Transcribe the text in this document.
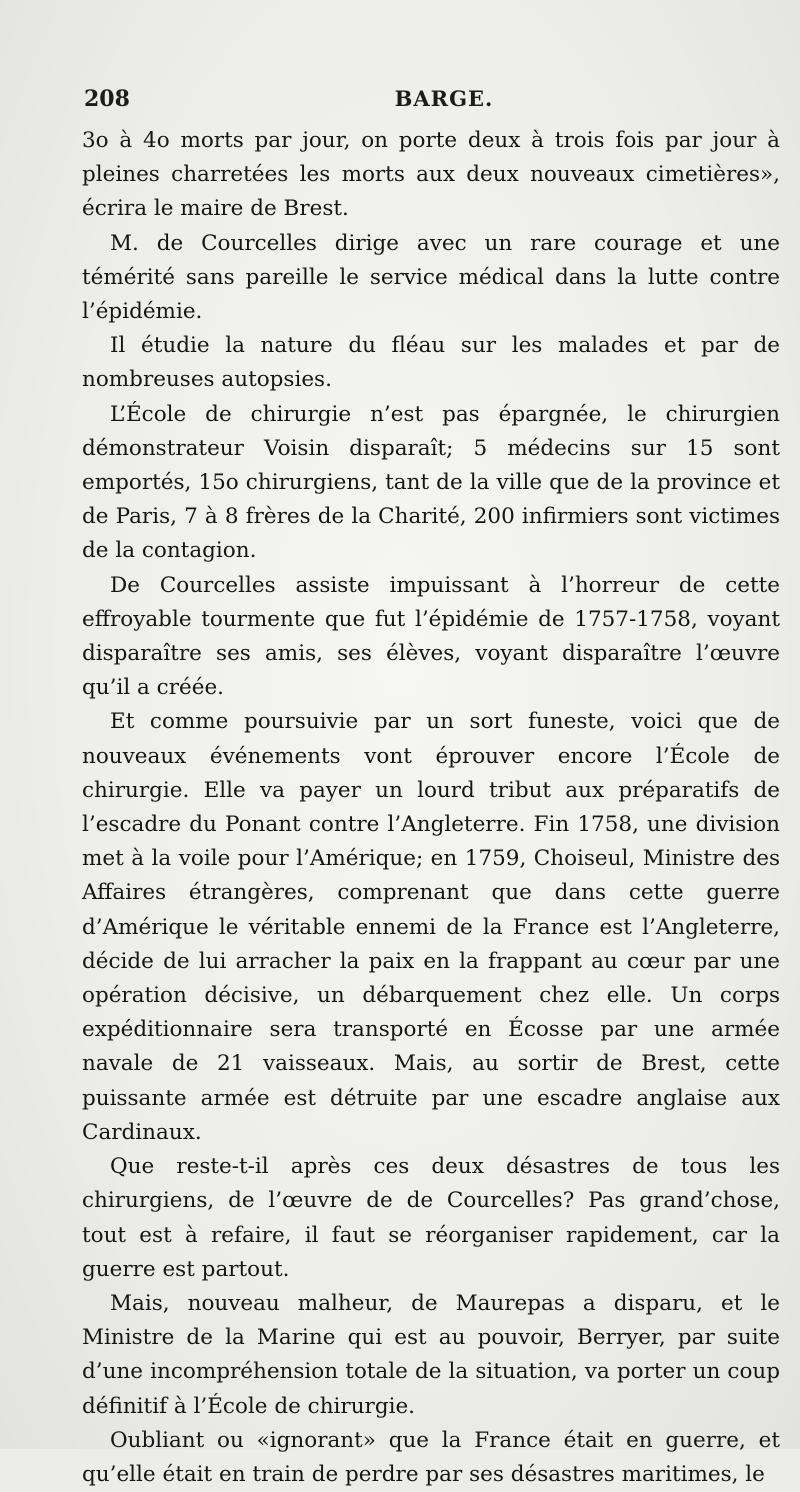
208	BARGE.

3o à 4o morts par jour, on porte deux à trois fois par jour à pleines charretées les morts aux deux nouveaux cimetières», écrira le maire de Brest.

M. de Courcelles dirige avec un rare courage et une témérité sans pareille le service médical dans la lutte contre l’épidémie.

Il étudie la nature du fléau sur les malades et par de nombreuses autopsies.

L’École de chirurgie n’est pas épargnée, le chirurgien démonstrateur Voisin disparaît; 5 médecins sur 15 sont emportés, 15o chirurgiens, tant de la ville que de la province et de Paris, 7 à 8 frères de la Charité, 200 infirmiers sont victimes de la contagion.

De Courcelles assiste impuissant à l’horreur de cette effroyable tourmente que fut l’épidémie de 1757-1758, voyant disparaître ses amis, ses élèves, voyant disparaître l’œuvre qu’il a créée.

Et comme poursuivie par un sort funeste, voici que de nouveaux événements vont éprouver encore l’École de chirurgie. Elle va payer un lourd tribut aux préparatifs de l’escadre du Ponant contre l’Angleterre. Fin 1758, une division met à la voile pour l’Amérique; en 1759, Choiseul, Ministre des Affaires étrangères, comprenant que dans cette guerre d’Amérique le véritable ennemi de la France est l’Angleterre, décide de lui arracher la paix en la frappant au cœur par une opération décisive, un débarquement chez elle. Un corps expéditionnaire sera transporté en Écosse par une armée navale de 21 vaisseaux. Mais, au sortir de Brest, cette puissante armée est détruite par une escadre anglaise aux Cardinaux.

Que reste-t-il après ces deux désastres de tous les chirurgiens, de l’œuvre de de Courcelles? Pas grand’chose, tout est à refaire, il faut se réorganiser rapidement, car la guerre est partout.

Mais, nouveau malheur, de Maurepas a disparu, et le Ministre de la Marine qui est au pouvoir, Berryer, par suite d’une incompréhension totale de la situation, va porter un coup définitif à l’École de chirurgie.

Oubliant ou «ignorant» que la France était en guerre, et qu’elle était en train de perdre par ses désastres maritimes, le
